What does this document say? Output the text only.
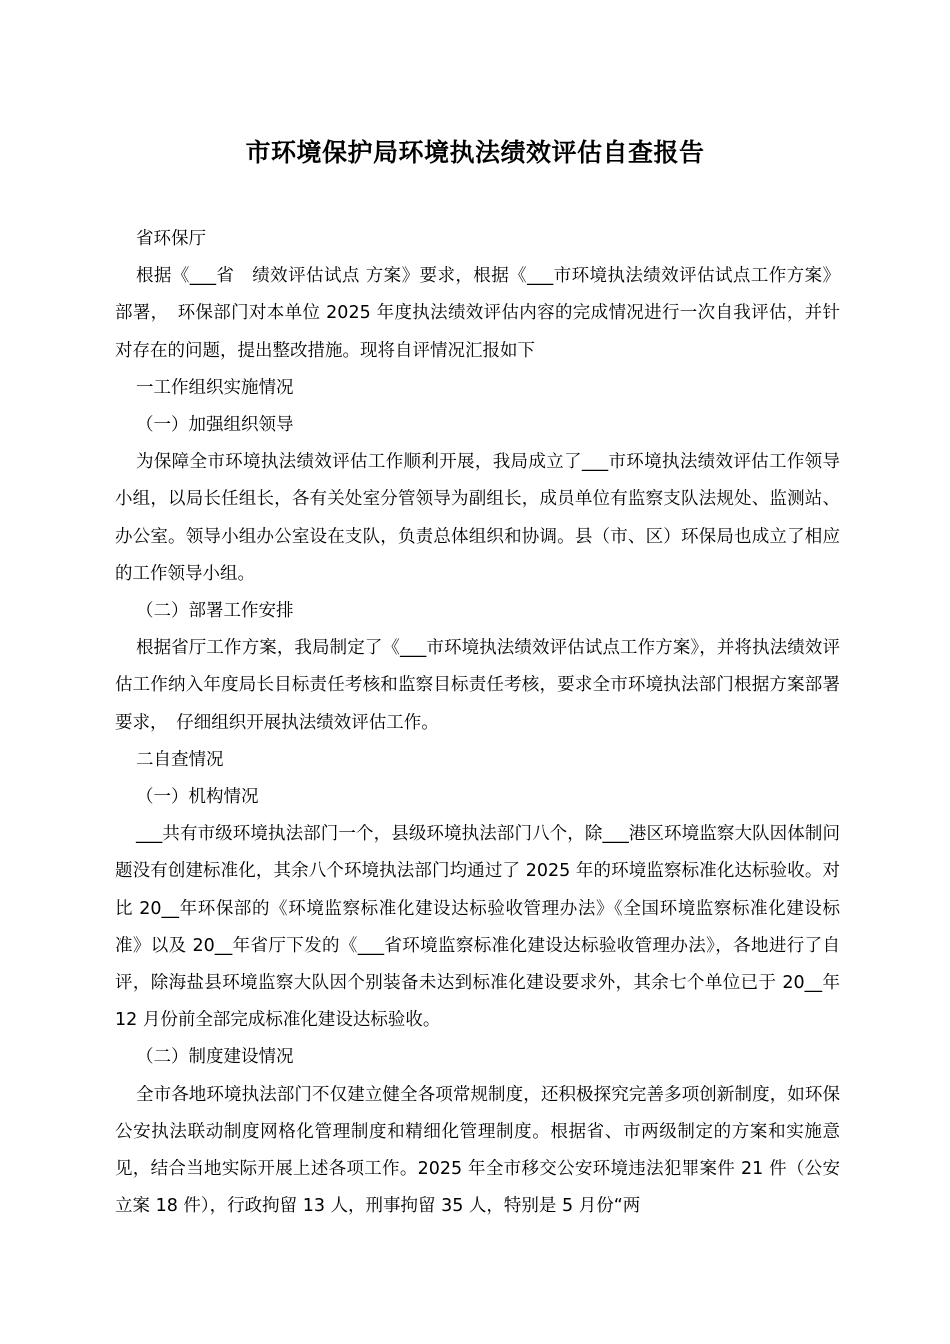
市环境保护局环境执法绩效评估自查报告

省环保厅

根据《___省　绩效评估试点 方案》要求，根据《___市环境执法绩效评估试点工作方案》部署，　环保部门对本单位 2025 年度执法绩效评估内容的完成情况进行一次自我评估，并针对存在的问题，提出整改措施。现将自评情况汇报如下

一工作组织实施情况

（一）加强组织领导

为保障全市环境执法绩效评估工作顺利开展，我局成立了___市环境执法绩效评估工作领导小组，以局长任组长，各有关处室分管领导为副组长，成员单位有监察支队法规处、监测站、办公室。领导小组办公室设在支队，负责总体组织和协调。县（市、区）环保局也成立了相应的工作领导小组。

（二）部署工作安排

根据省厅工作方案，我局制定了《___市环境执法绩效评估试点工作方案》，并将执法绩效评估工作纳入年度局长目标责任考核和监察目标责任考核，要求全市环境执法部门根据方案部署要求，　仔细组织开展执法绩效评估工作。

二自查情况

（一）机构情况

___共有市级环境执法部门一个，县级环境执法部门八个，除___港区环境监察大队因体制问题没有创建标准化，其余八个环境执法部门均通过了 2025 年的环境监察标准化达标验收。对比 20__年环保部的《环境监察标准化建设达标验收管理办法》《全国环境监察标准化建设标准》以及 20__年省厅下发的《___省环境监察标准化建设达标验收管理办法》，各地进行了自评，除海盐县环境监察大队因个别装备未达到标准化建设要求外，其余七个单位已于 20__年 12 月份前全部完成标准化建设达标验收。

（二）制度建设情况

全市各地环境执法部门不仅建立健全各项常规制度，还积极探究完善多项创新制度，如环保公安执法联动制度网格化管理制度和精细化管理制度。根据省、市两级制定的方案和实施意见，结合当地实际开展上述各项工作。2025 年全市移交公安环境违法犯罪案件 21 件（公安立案 18 件），行政拘留 13 人，刑事拘留 35 人，特别是 5 月份“两
